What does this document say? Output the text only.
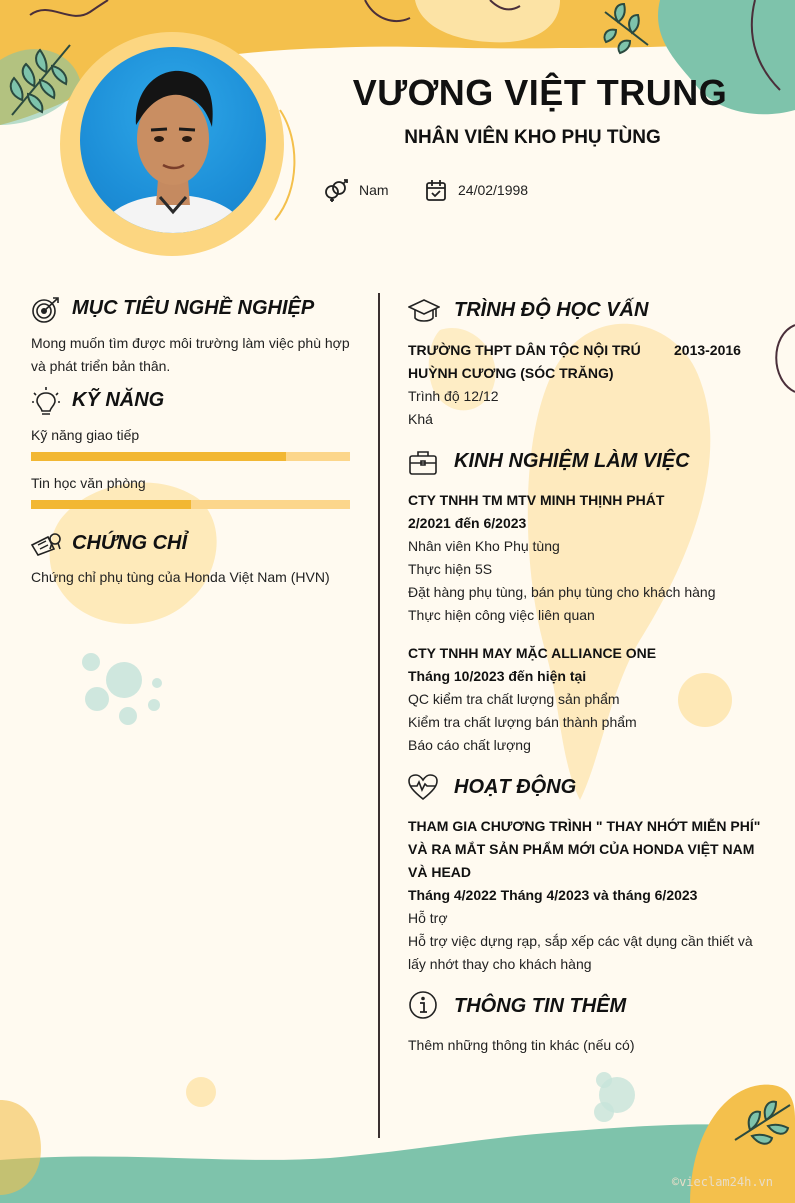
VƯƠNG VIỆT TRUNG
NHÂN VIÊN KHO PHỤ TÙNG
Nam	24/02/1998
MỤC TIÊU NGHỀ NGHIỆP
Mong muốn tìm được môi trường làm việc phù hợp và phát triển bản thân.
KỸ NĂNG
Kỹ năng giao tiếp
Tin học văn phòng
CHỨNG CHỈ
Chứng chỉ phụ tùng của Honda Việt Nam (HVN)
TRÌNH ĐỘ HỌC VẤN
TRƯỜNG THPT DÂN TỘC NỘI TRÚ HUỲNH CƯƠNG (SÓC TRĂNG)
2013-2016
Trình độ 12/12
Khá
KINH NGHIỆM LÀM VIỆC
CTY TNHH TM MTV MINH THỊNH PHÁT
2/2021 đến 6/2023
Nhân viên Kho Phụ tùng
Thực hiện 5S
Đặt hàng phụ tùng, bán phụ tùng cho khách hàng
Thực hiện công việc liên quan
CTY TNHH MAY MẶC ALLIANCE ONE
Tháng 10/2023 đến hiện tại
QC kiểm tra chất lượng sản phẩm
Kiểm tra chất lượng bán thành phẩm
Báo cáo chất lượng
HOẠT ĐỘNG
THAM GIA CHƯƠNG TRÌNH " THAY NHỚT MIỄN PHÍ" VÀ RA MẮT SẢN PHẨM MỚI CỦA HONDA VIỆT NAM VÀ HEAD
Tháng 4/2022 Tháng 4/2023 và tháng 6/2023
Hỗ trợ
Hỗ trợ việc dựng rạp, sắp xếp các vật dụng cần thiết và lấy nhớt thay cho khách hàng
THÔNG TIN THÊM
Thêm những thông tin khác (nếu có)
©vieclam24h.vn
